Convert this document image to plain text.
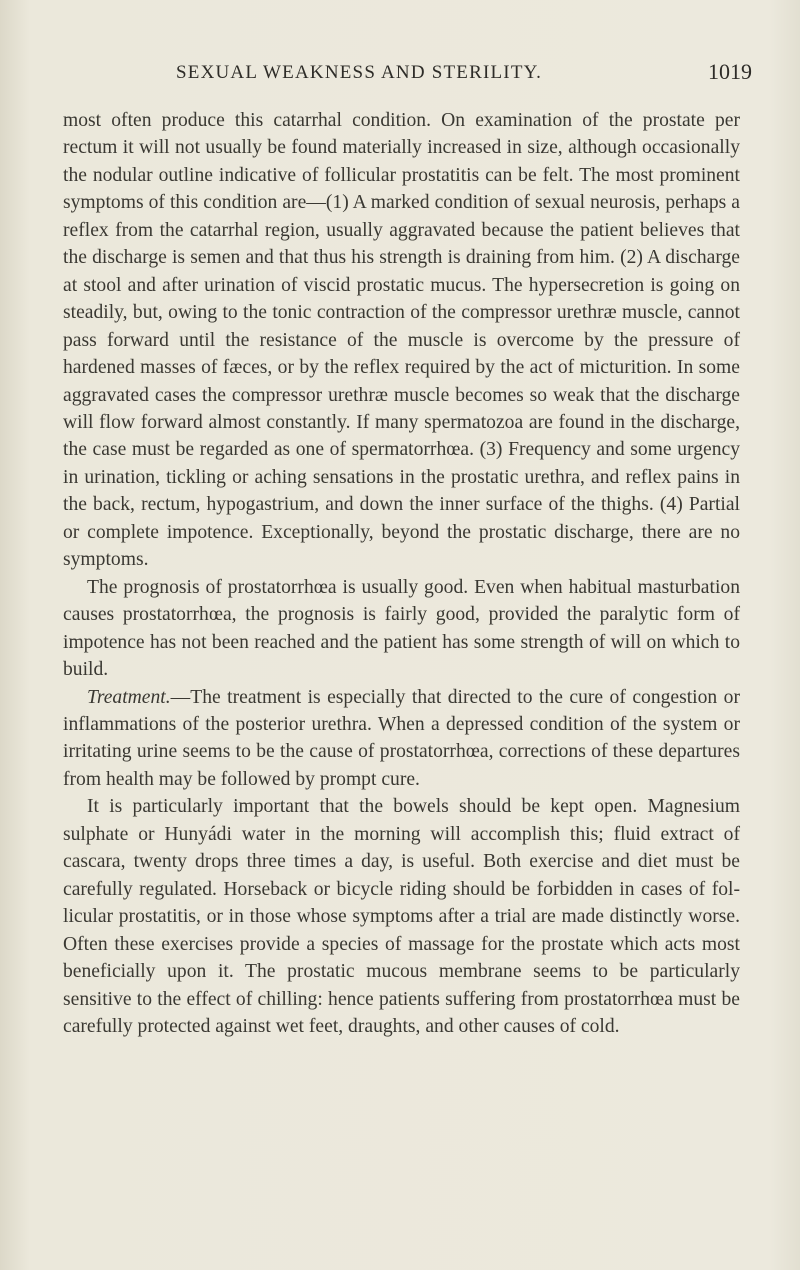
SEXUAL WEAKNESS AND STERILITY.	1019

most often produce this catarrhal condition. On examination of the prostate per rectum it will not usually be found materially increased in size, although occasionally the nodular outline indicative of follicular prostatitis can be felt. The most prominent symptoms of this condition are—(1) A marked condition of sexual neurosis, perhaps a reflex from the catarrhal region, usually aggravated because the patient believes that the discharge is semen and that thus his strength is draining from him. (2) A discharge at stool and after urination of viscid prostatic mucus. The hypersecretion is going on steadily, but, owing to the tonic contraction of the compressor urethræ muscle, cannot pass forward until the resistance of the muscle is overcome by the pressure of hardened masses of fæces, or by the reflex required by the act of micturition. In some aggravated cases the compressor urethræ muscle becomes so weak that the discharge will flow forward almost constantly. If many spermatozoa are found in the discharge, the case must be regarded as one of spermatorrhœa. (3) Frequency and some urgency in urination, tickling or aching sensations in the prostatic urethra, and reflex pains in the back, rectum, hypogastrium, and down the inner surface of the thighs. (4) Partial or complete impotence. Exceptionally, beyond the prostatic discharge, there are no symptoms.

The prognosis of prostatorrhœa is usually good. Even when habitual masturbation causes prostatorrhœa, the prognosis is fairly good, provided the paralytic form of impotence has not been reached and the patient has some strength of will on which to build.

Treatment.—The treatment is especially that directed to the cure of congestion or inflammations of the posterior urethra. When a depressed condition of the system or irritating urine seems to be the cause of prostatorrhœa, corrections of these departures from health may be followed by prompt cure.

It is particularly important that the bowels should be kept open. Magnesium sulphate or Hunyádi water in the morning will accomplish this; fluid extract of cascara, twenty drops three times a day, is useful. Both exercise and diet must be carefully regulated. Horseback or bicycle riding should be forbidden in cases of follicular prostatitis, or in those whose symptoms after a trial are made distinctly worse. Often these exercises provide a species of massage for the prostate which acts most beneficially upon it. The prostatic mucous membrane seems to be particularly sensitive to the effect of chilling: hence patients suffering from prostatorrhœa must be carefully protected against wet feet, draughts, and other causes of cold.
